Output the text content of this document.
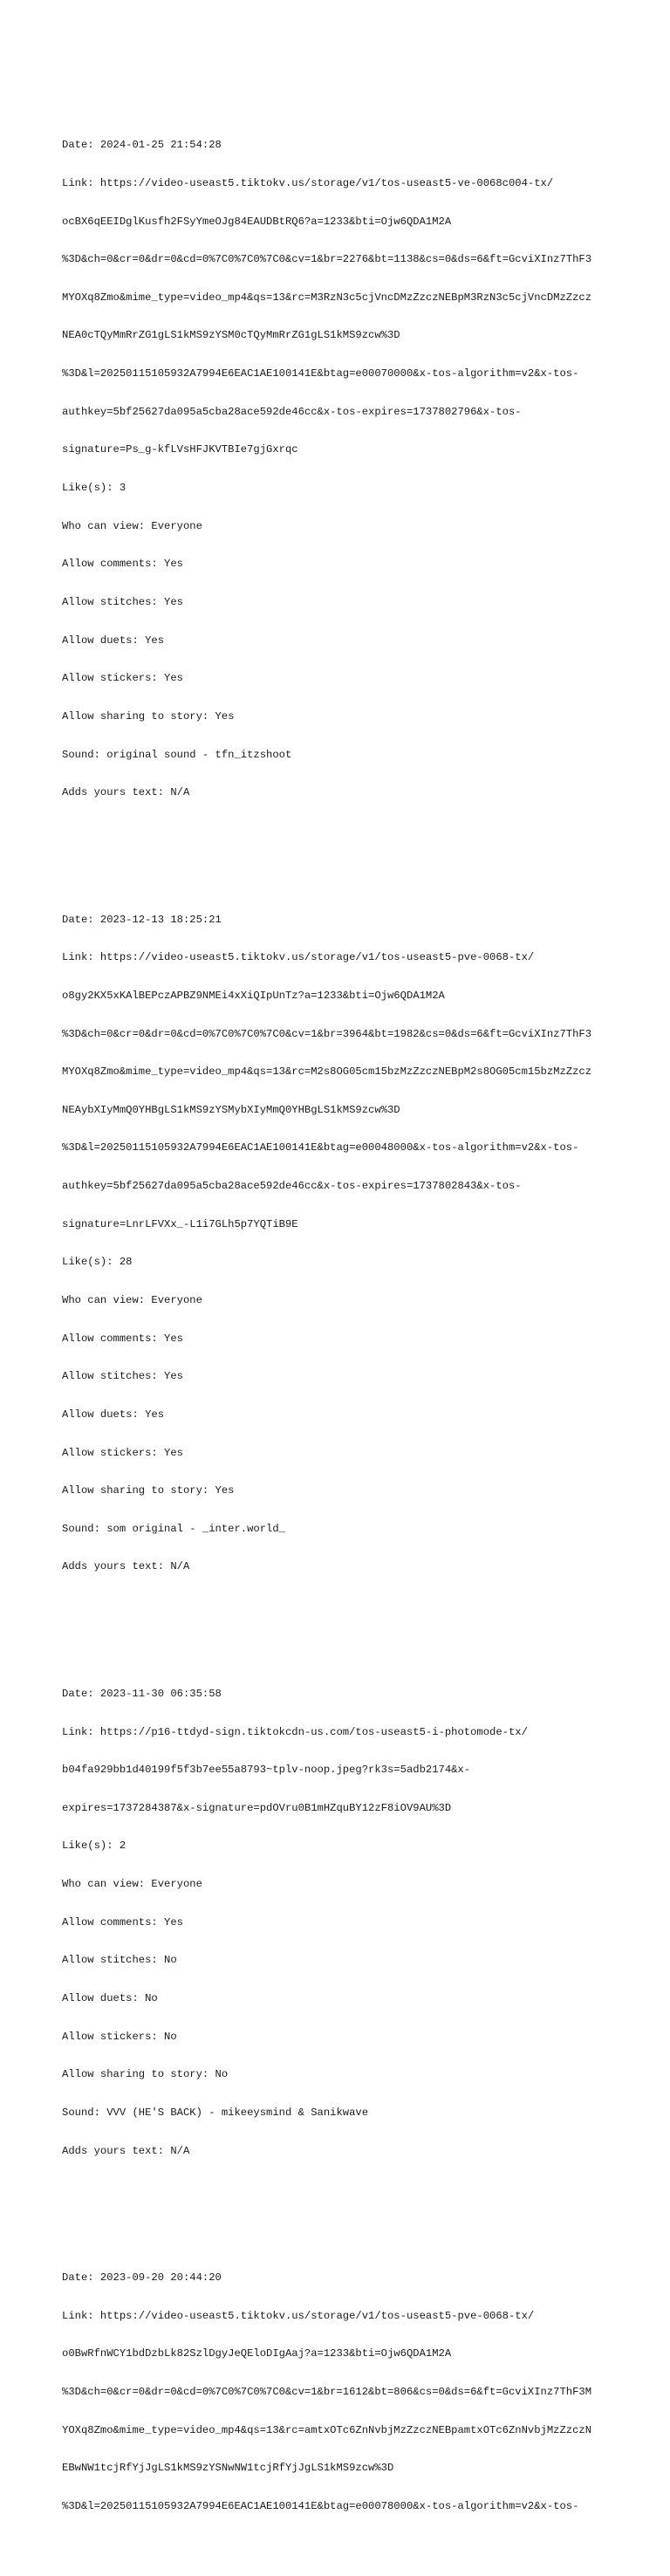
Date: 2024-01-25 21:54:28

Link: https://video-useast5.tiktokv.us/storage/v1/tos-useast5-ve-0068c004-tx/

ocBX6qEEIDglKusfh2FSyYmeOJg84EAUDBtRQ6?a=1233&bti=Ojw6QDA1M2A

%3D&ch=0&cr=0&dr=0&cd=0%7C0%7C0%7C0&cv=1&br=2276&bt=1138&cs=0&ds=6&ft=GcviXInz7ThF3

MYOXq8Zmo&mime_type=video_mp4&qs=13&rc=M3RzN3c5cjVncDMzZzczNEBpM3RzN3c5cjVncDMzZzcz

NEA0cTQyMmRrZG1gLS1kMS9zYSM0cTQyMmRrZG1gLS1kMS9zcw%3D

%3D&l=20250115105932A7994E6EAC1AE100141E&btag=e00070000&x-tos-algorithm=v2&x-tos-

authkey=5bf25627da095a5cba28ace592de46cc&x-tos-expires=1737802796&x-tos-

signature=Ps_g-kfLVsHFJKVTBIe7gjGxrqc

Like(s): 3

Who can view: Everyone

Allow comments: Yes

Allow stitches: Yes

Allow duets: Yes

Allow stickers: Yes

Allow sharing to story: Yes

Sound: original sound - tfn_itzshoot

Adds yours text: N/A

Date: 2023-12-13 18:25:21

Link: https://video-useast5.tiktokv.us/storage/v1/tos-useast5-pve-0068-tx/

o8gy2KX5xKAlBEPczAPBZ9NMEi4xXiQIpUnTz?a=1233&bti=Ojw6QDA1M2A

%3D&ch=0&cr=0&dr=0&cd=0%7C0%7C0%7C0&cv=1&br=3964&bt=1982&cs=0&ds=6&ft=GcviXInz7ThF3

MYOXq8Zmo&mime_type=video_mp4&qs=13&rc=M2s8OG05cm15bzMzZzczNEBpM2s8OG05cm15bzMzZzcz

NEAybXIyMmQ0YHBgLS1kMS9zYSMybXIyMmQ0YHBgLS1kMS9zcw%3D

%3D&l=20250115105932A7994E6EAC1AE100141E&btag=e00048000&x-tos-algorithm=v2&x-tos-

authkey=5bf25627da095a5cba28ace592de46cc&x-tos-expires=1737802843&x-tos-

signature=LnrLFVXx_-L1i7GLh5p7YQTiB9E

Like(s): 28

Who can view: Everyone

Allow comments: Yes

Allow stitches: Yes

Allow duets: Yes

Allow stickers: Yes

Allow sharing to story: Yes

Sound: som original - _inter.world_

Adds yours text: N/A

Date: 2023-11-30 06:35:58

Link: https://p16-ttdyd-sign.tiktokcdn-us.com/tos-useast5-i-photomode-tx/

b04fa929bb1d40199f5f3b7ee55a8793~tplv-noop.jpeg?rk3s=5adb2174&x-

expires=1737284387&x-signature=pdOVru0B1mHZquBY12zF8iOV9AU%3D

Like(s): 2

Who can view: Everyone

Allow comments: Yes

Allow stitches: No

Allow duets: No

Allow stickers: No

Allow sharing to story: No

Sound: VVV (HE'S BACK) - mikeeysmind & Sanikwave

Adds yours text: N/A

Date: 2023-09-20 20:44:20

Link: https://video-useast5.tiktokv.us/storage/v1/tos-useast5-pve-0068-tx/

o0BwRfnWCY1bdDzbLk82SzlDgyJeQEloDIgAaj?a=1233&bti=Ojw6QDA1M2A

%3D&ch=0&cr=0&dr=0&cd=0%7C0%7C0%7C0&cv=1&br=1612&bt=806&cs=0&ds=6&ft=GcviXInz7ThF3M

YOXq8Zmo&mime_type=video_mp4&qs=13&rc=amtxOTc6ZnNvbjMzZzczNEBpamtxOTc6ZnNvbjMzZzczN

EBwNW1tcjRfYjJgLS1kMS9zYSNwNW1tcjRfYjJgLS1kMS9zcw%3D

%3D&l=20250115105932A7994E6EAC1AE100141E&btag=e00078000&x-tos-algorithm=v2&x-tos-
